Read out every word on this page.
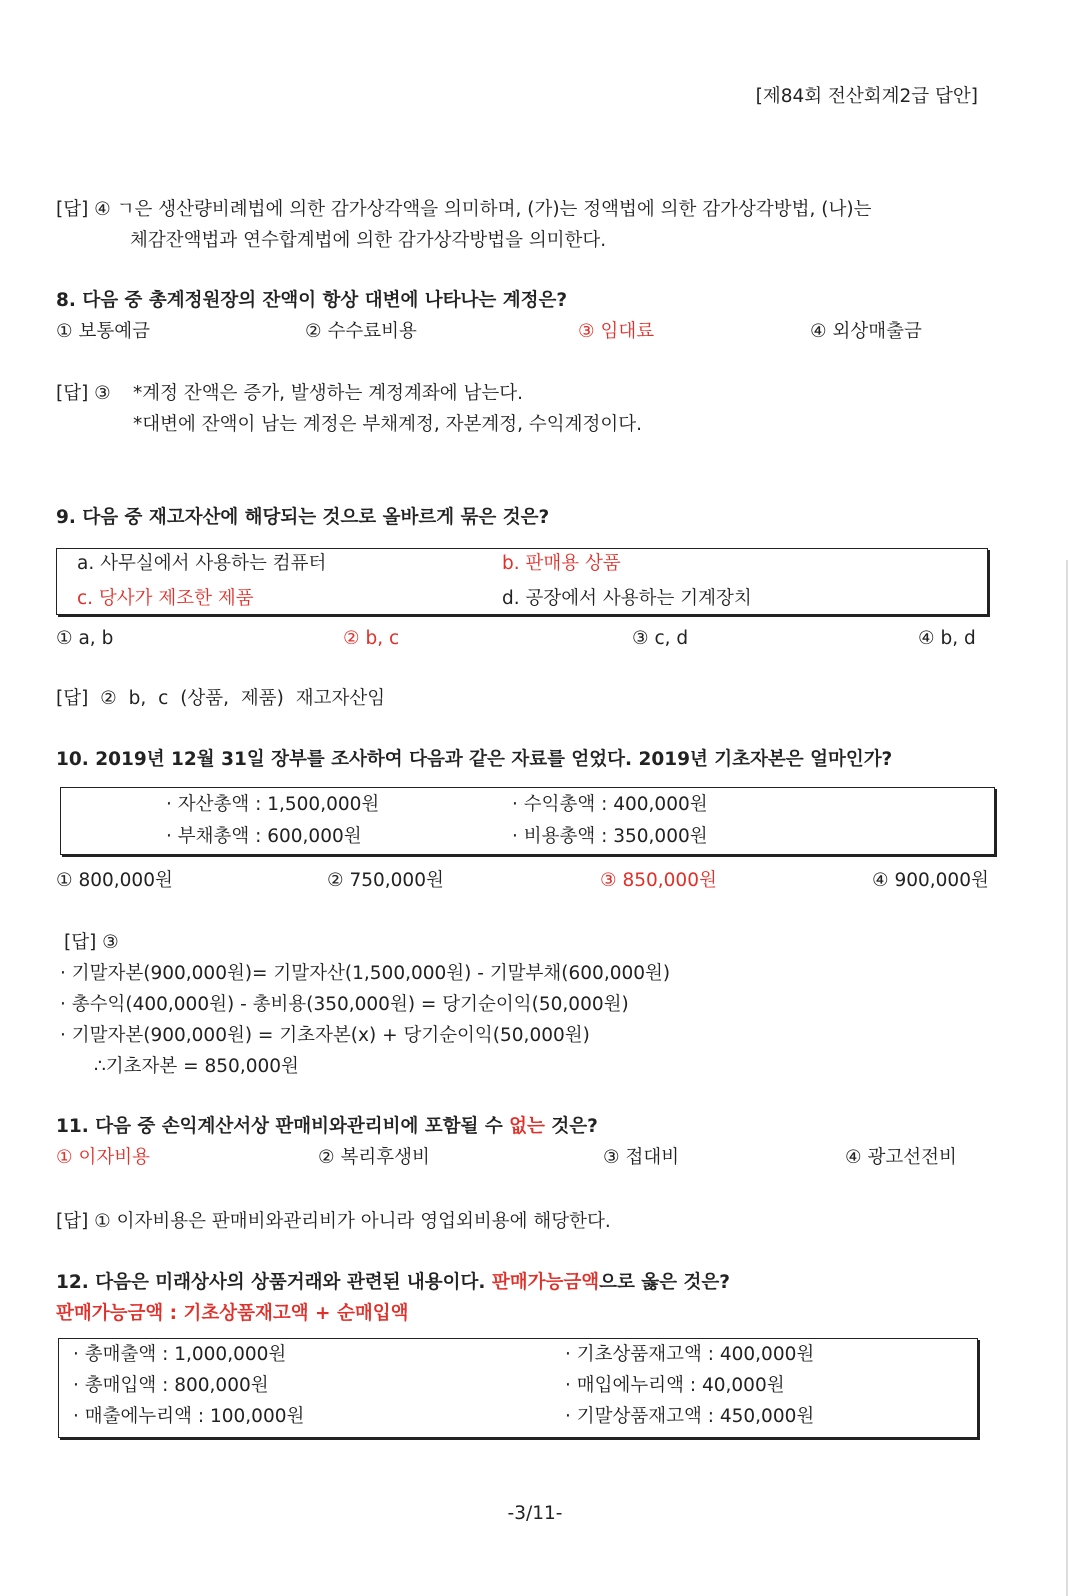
[제84회 전산회계2급 답안]
[답] ④ ㄱ은 생산량비례법에 의한 감가상각액을 의미하며, (가)는 정액법에 의한 감가상각방법, (나)는
체감잔액법과 연수합계법에 의한 감가상각방법을 의미한다.
8. 다음 중 총계정원장의 잔액이 항상 대변에 나타나는 계정은?
① 보통예금	② 수수료비용	③ 임대료	④ 외상매출금
[답] ③ *계정 잔액은 증가, 발생하는 계정계좌에 남는다.
*대변에 잔액이 남는 계정은 부채계정, 자본계정, 수익계정이다.
9. 다음 중 재고자산에 해당되는 것으로 올바르게 묶은 것은?
a. 사무실에서 사용하는 컴퓨터	b. 판매용 상품
c. 당사가 제조한 제품	d. 공장에서 사용하는 기계장치
① a, b	② b, c	③ c, d	④ b, d
[답] ② b, c (상품, 제품) 재고자산임
10. 2019년 12월 31일 장부를 조사하여 다음과 같은 자료를 얻었다. 2019년 기초자본은 얼마인가?
· 자산총액 : 1,500,000원	· 수익총액 : 400,000원
· 부채총액 : 600,000원	· 비용총액 : 350,000원
① 800,000원	② 750,000원	③ 850,000원	④ 900,000원
[답] ③
· 기말자본(900,000원)= 기말자산(1,500,000원) - 기말부채(600,000원)
· 총수익(400,000원) - 총비용(350,000원) = 당기순이익(50,000원)
· 기말자본(900,000원) = 기초자본(x) + 당기순이익(50,000원)
∴기초자본 = 850,000원
11. 다음 중 손익계산서상 판매비와관리비에 포함될 수 없는 것은?
① 이자비용	② 복리후생비	③ 접대비	④ 광고선전비
[답] ① 이자비용은 판매비와관리비가 아니라 영업외비용에 해당한다.
12. 다음은 미래상사의 상품거래와 관련된 내용이다. 판매가능금액으로 옳은 것은?
판매가능금액 : 기초상품재고액 + 순매입액
· 총매출액 : 1,000,000원	· 기초상품재고액 : 400,000원
· 총매입액 : 800,000원	· 매입에누리액 : 40,000원
· 매출에누리액 : 100,000원	· 기말상품재고액 : 450,000원
-3/11-
